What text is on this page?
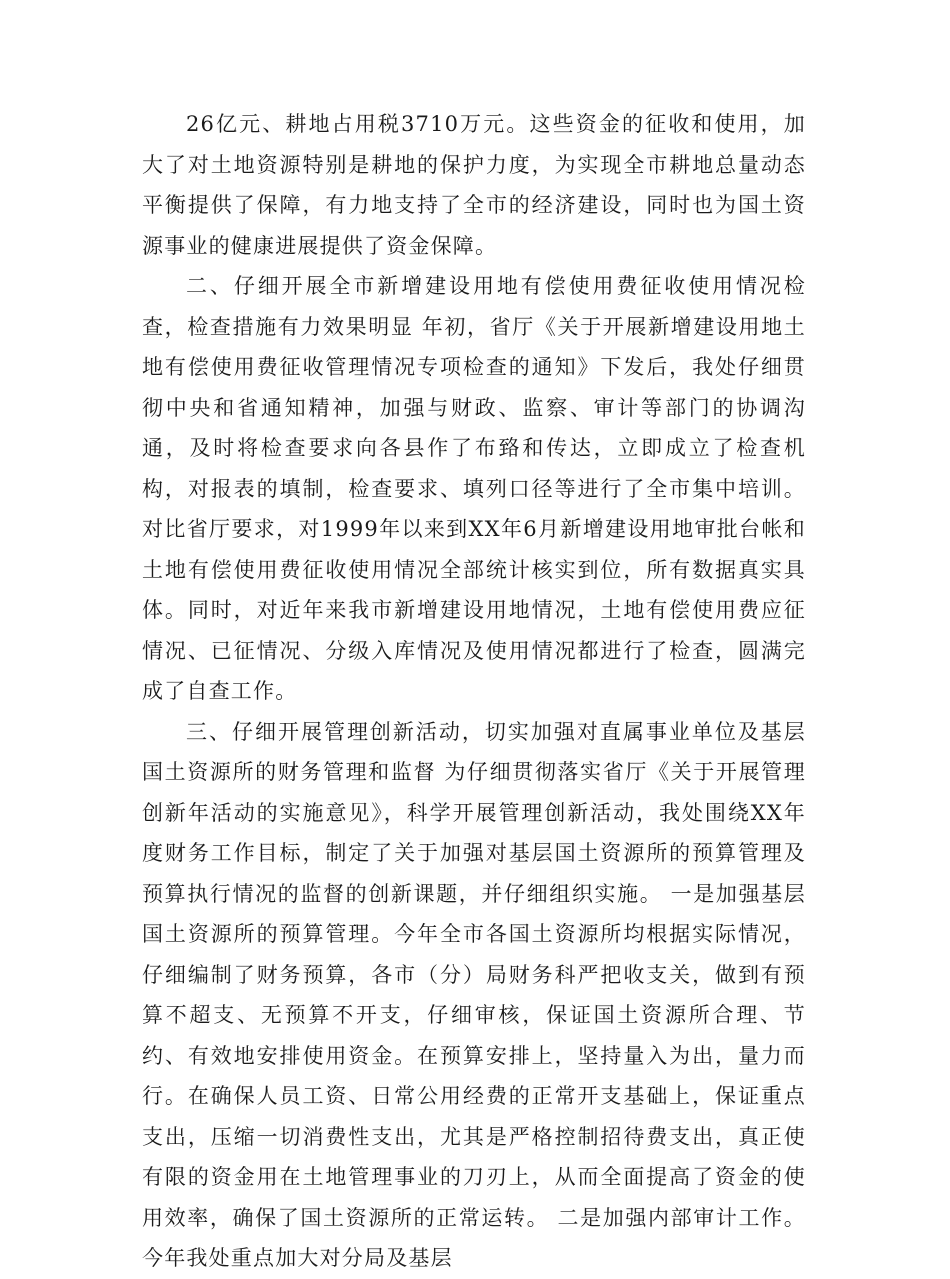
26亿元、耕地占用税3710万元。这些资金的征收和使用，加大了对土地资源特别是耕地的保护力度，为实现全市耕地总量动态平衡提供了保障，有力地支持了全市的经济建设，同时也为国土资源事业的健康进展提供了资金保障。

二、仔细开展全市新增建设用地有偿使用费征收使用情况检查，检查措施有力效果明显 年初，省厅《关于开展新增建设用地土地有偿使用费征收管理情况专项检查的通知》下发后，我处仔细贯彻中央和省通知精神，加强与财政、监察、审计等部门的协调沟通，及时将检查要求向各县作了布臵和传达，立即成立了检查机构，对报表的填制，检查要求、填列口径等进行了全市集中培训。对比省厅要求，对1999年以来到XX年6月新增建设用地审批台帐和土地有偿使用费征收使用情况全部统计核实到位，所有数据真实具体。同时，对近年来我市新增建设用地情况，土地有偿使用费应征情况、已征情况、分级入库情况及使用情况都进行了检查，圆满完成了自查工作。

三、仔细开展管理创新活动，切实加强对直属事业单位及基层国土资源所的财务管理和监督 为仔细贯彻落实省厅《关于开展管理创新年活动的实施意见》，科学开展管理创新活动，我处围绕XX年度财务工作目标，制定了关于加强对基层国土资源所的预算管理及预算执行情况的监督的创新课题，并仔细组织实施。 一是加强基层国土资源所的预算管理。今年全市各国土资源所均根据实际情况，仔细编制了财务预算，各市（分）局财务科严把收支关，做到有预算不超支、无预算不开支，仔细审核，保证国土资源所合理、节约、有效地安排使用资金。在预算安排上，坚持量入为出，量力而行。在确保人员工资、日常公用经费的正常开支基础上，保证重点支出，压缩一切消费性支出，尤其是严格控制招待费支出，真正使有限的资金用在土地管理事业的刀刃上，从而全面提高了资金的使用效率，确保了国土资源所的正常运转。 二是加强内部审计工作。今年我处重点加大对分局及基层
